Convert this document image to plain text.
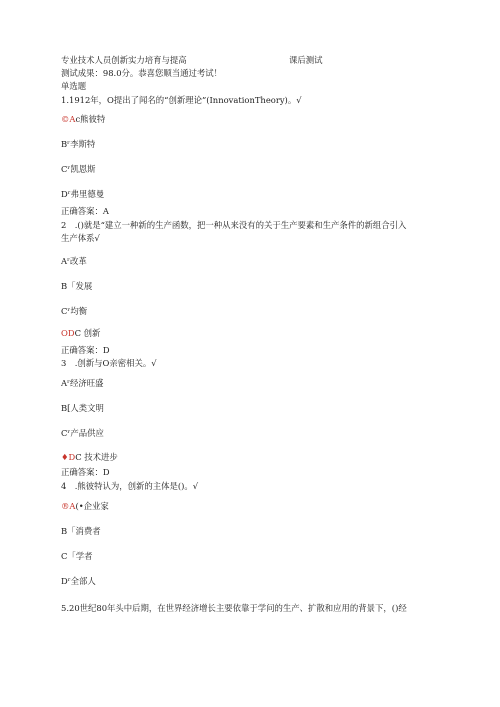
专业技术人员创新实力培育与提高	课后测试
测试成果：98.0分。恭喜您顺当通过考试！
单选题
1.1912年，O提出了闻名的“创新理论”(InnovationTheory)。√
©Ac熊彼特
Bʳ李斯特
Cʳ凯恩斯
Dʳ弗里德曼
正确答案：A
2　.()就是“建立一种新的生产函数，把一种从来没有的关于生产要素和生产条件的新组合引入
生产体系√
Aʳ改革
B「发展
Cʳ均衡
ODC 创新
正确答案：D
3　.创新与O亲密相关。√
Aʳ经济旺盛
B[人类文明
Cʳ产品供应
♦DC 技术进步
正确答案：D
4　.熊彼特认为，创新的主体是()。√
®A(•企业家
B「消费者
C「学者
Dʳ全部人
5.20世纪80年头中后期，在世界经济增长主要依靠于学问的生产、扩散和应用的背景下，()经
